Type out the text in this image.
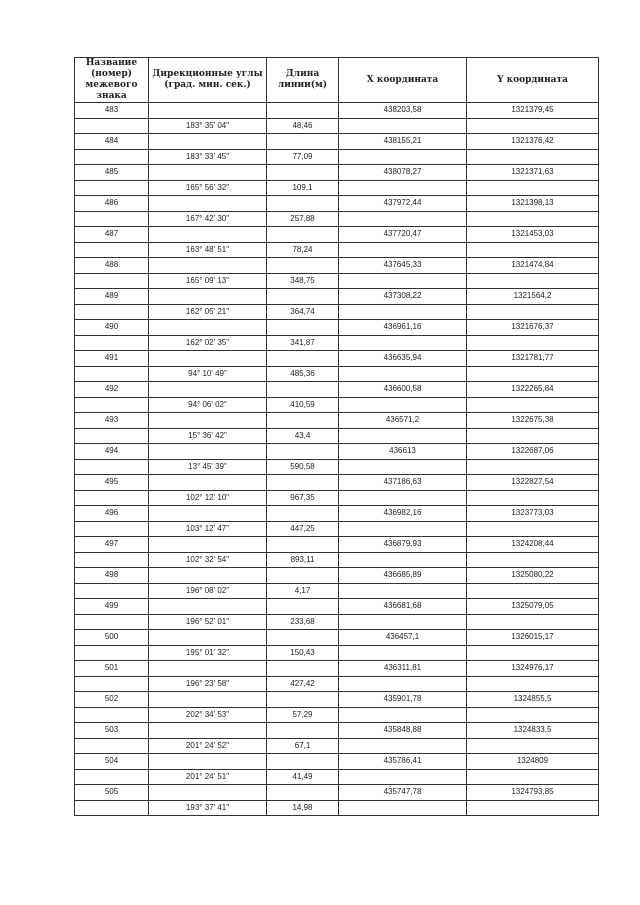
Название (номер) межевого знака	Дирекционные углы (град. мин. сек.)	Длина линии(м)	X координата	Y координата
483			438203,58	1321379,45
	183° 35' 04"	48,46		
484			438155,21	1321376,42
	183° 33' 45"	77,09		
485			438078,27	1321371,63
	165° 56' 32"	109,1		
486			437972,44	1321398,13
	167° 42' 30"	257,88		
487			437720,47	1321453,03
	163° 48' 51"	78,24		
488			437645,33	1321474,84
	165° 09' 13"	348,75		
489			437308,22	1321564,2
	162° 05' 21"	364,74		
490			436961,16	1321676,37
	162° 02' 35"	341,87		
491			436635,94	1321781,77
	94° 10' 49"	485,36		
492			436600,58	1322265,84
	94° 06' 02"	410,59		
493			436571,2	1322675,38
	15° 36' 42"	43,4		
494			436613	1322687,06
	13° 45' 39"	590,58		
495			437186,63	1322827,54
	102° 12' 10"	967,35		
496			436982,16	1323773,03
	103° 12' 47"	447,25		
497			436879,93	1324208,44
	102° 32' 54"	893,11		
498			436685,89	1325080,22
	196° 08' 02"	4,17		
499			436681,68	1325079,05
	196° 52' 01"	233,68		
500			436457,1	1326015,17
	195° 01' 32"	150,43		
501			436311,81	1324976,17
	196° 23' 58"	427,42		
502			435901,78	1324855,5
	202° 34' 53"	57,29		
503			435848,88	1324833,5
	201° 24' 52"	67,1		
504			435786,41	1324809
	201° 24' 51"	41,49		
505			435747,78	1324793,85
	193° 37' 41"	14,98		
